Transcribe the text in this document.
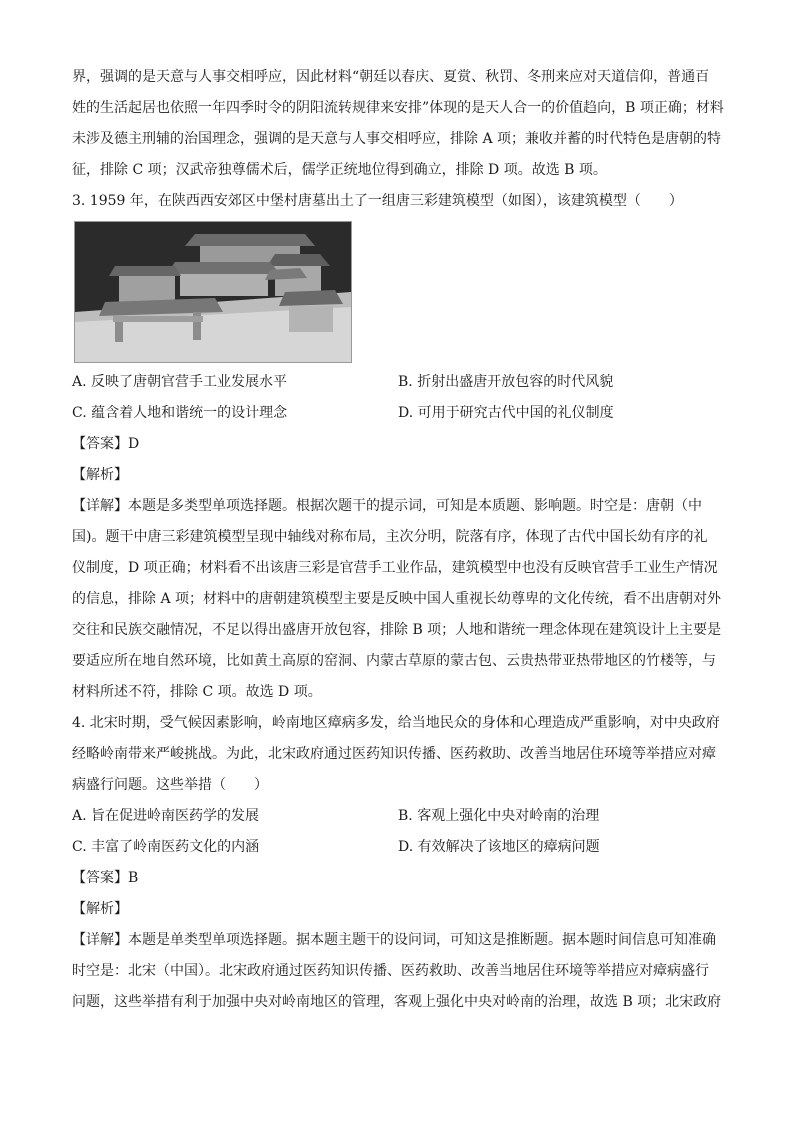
界，强调的是天意与人事交相呼应，因此材料“朝廷以春庆、夏赏、秋罚、冬刑来应对天道信仰，普通百
姓的生活起居也依照一年四季时令的阴阳流转规律来安排”体现的是天人合一的价值趋向，B 项正确；材料
未涉及德主刑辅的治国理念，强调的是天意与人事交相呼应，排除 A 项；兼收并蓄的时代特色是唐朝的特
征，排除 C 项；汉武帝独尊儒术后，儒学正统地位得到确立，排除 D 项。故选 B 项。
3. 1959 年，在陕西西安郊区中堡村唐墓出土了一组唐三彩建筑模型（如图），该建筑模型（　　）
A. 反映了唐朝官营手工业发展水平	B. 折射出盛唐开放包容的时代风貌
C. 蕴含着人地和谐统一的设计理念	D. 可用于研究古代中国的礼仪制度
【答案】D
【解析】
【详解】本题是多类型单项选择题。根据次题干的提示词，可知是本质题、影响题。时空是：唐朝（中
国)。题干中唐三彩建筑模型呈现中轴线对称布局，主次分明，院落有序，体现了古代中国长幼有序的礼
仪制度，D 项正确；材料看不出该唐三彩是官营手工业作品，建筑模型中也没有反映官营手工业生产情况
的信息，排除 A 项；材料中的唐朝建筑模型主要是反映中国人重视长幼尊卑的文化传统，看不出唐朝对外
交往和民族交融情况，不足以得出盛唐开放包容，排除 B 项；人地和谐统一理念体现在建筑设计上主要是
要适应所在地自然环境，比如黄土高原的窑洞、内蒙古草原的蒙古包、云贵热带亚热带地区的竹楼等，与
材料所述不符，排除 C 项。故选 D 项。
4. 北宋时期，受气候因素影响，岭南地区瘴病多发，给当地民众的身体和心理造成严重影响，对中央政府
经略岭南带来严峻挑战。为此，北宋政府通过医药知识传播、医药救助、改善当地居住环境等举措应对瘴
病盛行问题。这些举措（　　）
A. 旨在促进岭南医药学的发展	B. 客观上强化中央对岭南的治理
C. 丰富了岭南医药文化的内涵	D. 有效解决了该地区的瘴病问题
【答案】B
【解析】
【详解】本题是单类型单项选择题。据本题主题干的设问词，可知这是推断题。据本题时间信息可知准确
时空是：北宋（中国）。北宋政府通过医药知识传播、医药救助、改善当地居住环境等举措应对瘴病盛行
问题，这些举措有利于加强中央对岭南地区的管理，客观上强化中央对岭南的治理，故选 B 项；北宋政府
